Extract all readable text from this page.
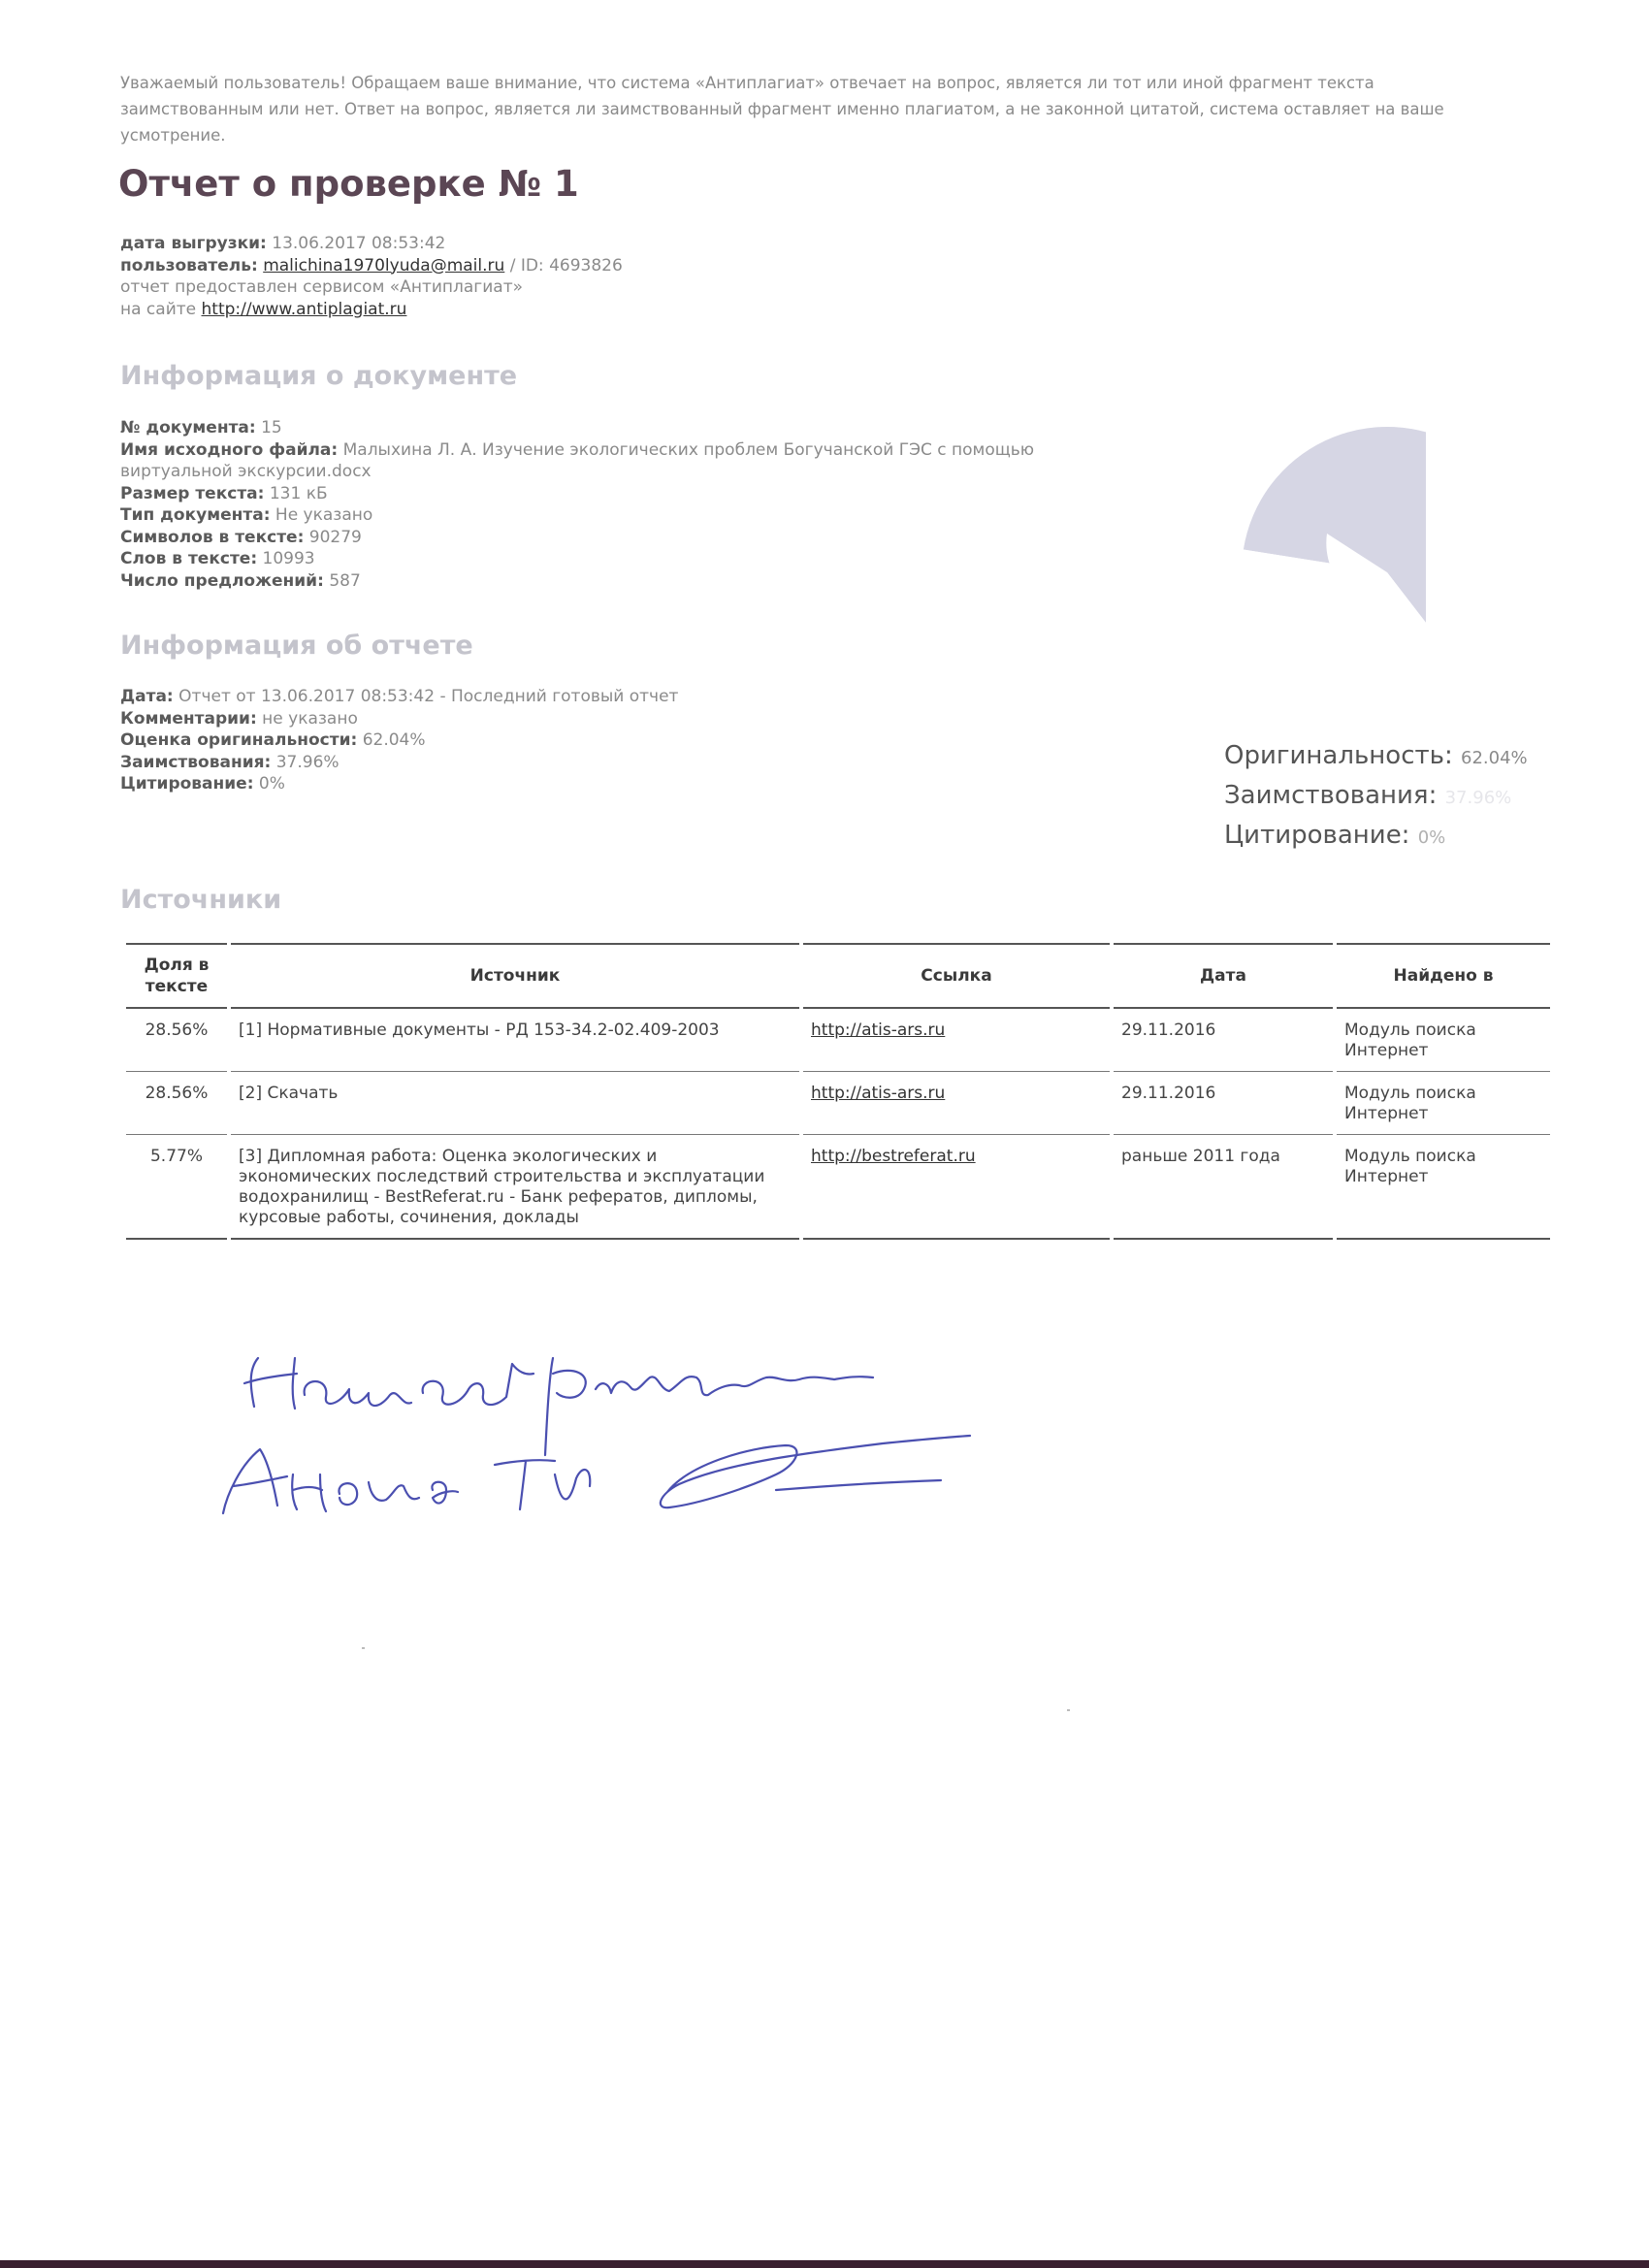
Уважаемый пользователь! Обращаем ваше внимание, что система «Антиплагиат» отвечает на вопрос, является ли тот или иной фрагмент текста заимствованным или нет. Ответ на вопрос, является ли заимствованный фрагмент именно плагиатом, а не законной цитатой, система оставляет на ваше усмотрение.

Отчет о проверке № 1
дата выгрузки: 13.06.2017 08:53:42
пользователь: malichina1970lyuda@mail.ru / ID: 4693826
отчет предоставлен сервисом «Антиплагиат»
на сайте http://www.antiplagiat.ru
Информация о документе
№ документа: 15
Имя исходного файла: Малыхина Л. А. Изучение экологических проблем Богучанской ГЭС с помощью виртуальной экскурсии.docx
Размер текста: 131 кБ
Тип документа: Не указано
Символов в тексте: 90279
Слов в тексте: 10993
Число предложений: 587
Информация об отчете
Дата: Отчет от 13.06.2017 08:53:42 - Последний готовый отчет
Комментарии: не указано
Оценка оригинальности: 62.04%
Заимствования: 37.96%
Цитирование: 0%
Оригинальность: 62.04%
Заимствования: 37.96%
Цитирование: 0%
Источники
Доля в тексте	Источник	Ссылка	Дата	Найдено в
28.56%	[1] Нормативные документы - РД 153-34.2-02.409-2003	http://atis-ars.ru	29.11.2016	Модуль поиска Интернет
28.56%	[2] Скачать	http://atis-ars.ru	29.11.2016	Модуль поиска Интернет
5.77%	[3] Дипломная работа: Оценка экологических и экономических последствий строительства и эксплуатации водохранилищ - BestReferat.ru - Банк рефератов, дипломы, курсовые работы, сочинения, доклады	http://bestreferat.ru	раньше 2011 года	Модуль поиска Интернет
